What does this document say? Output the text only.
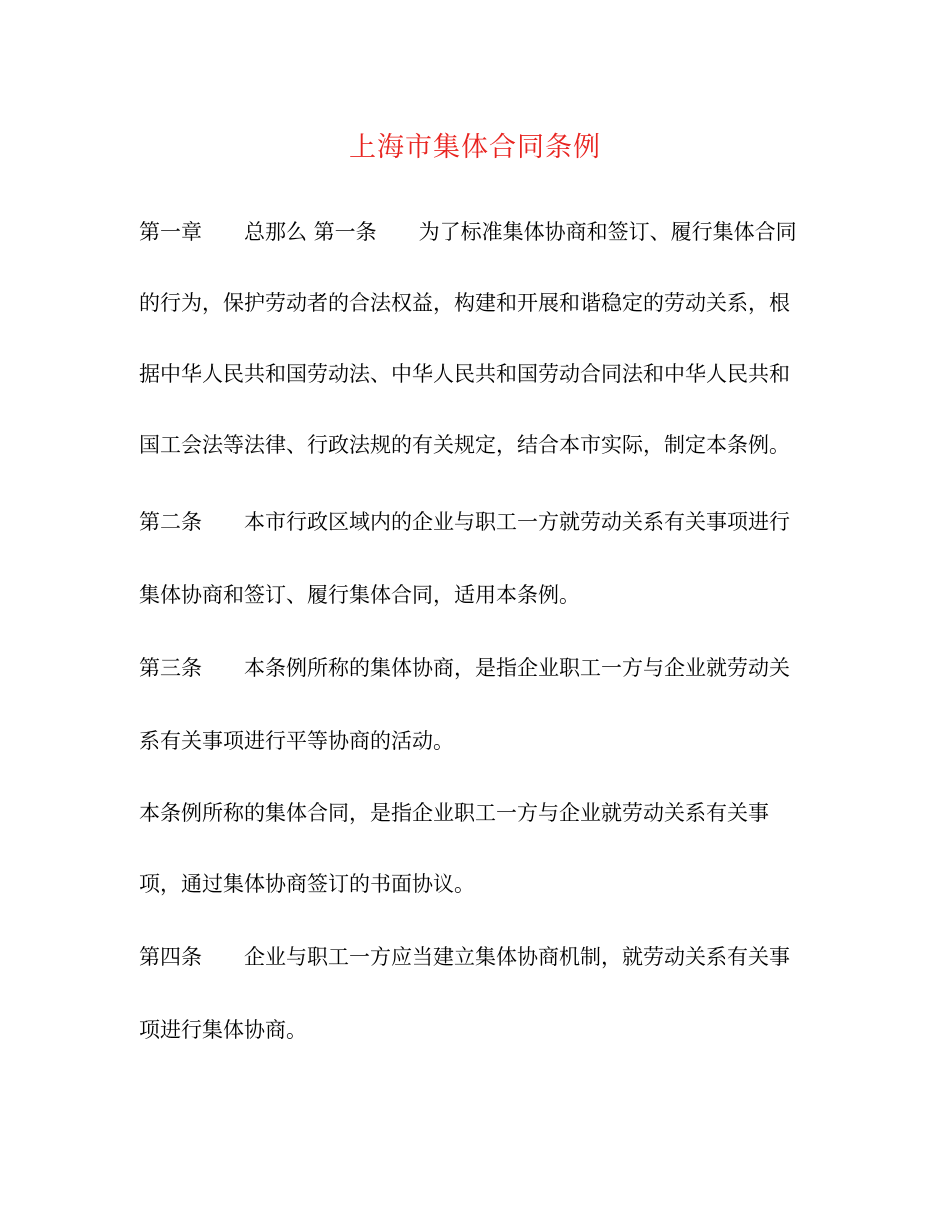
上海市集体合同条例
第一章　　总那么 第一条　　为了标准集体协商和签订、履行集体合同
的行为，保护劳动者的合法权益，构建和开展和谐稳定的劳动关系，根
据中华人民共和国劳动法、中华人民共和国劳动合同法和中华人民共和
国工会法等法律、行政法规的有关规定，结合本市实际，制定本条例。
第二条　　本市行政区域内的企业与职工一方就劳动关系有关事项进行
集体协商和签订、履行集体合同，适用本条例。
第三条　　本条例所称的集体协商，是指企业职工一方与企业就劳动关
系有关事项进行平等协商的活动。
本条例所称的集体合同，是指企业职工一方与企业就劳动关系有关事
项，通过集体协商签订的书面协议。
第四条　　企业与职工一方应当建立集体协商机制，就劳动关系有关事
项进行集体协商。
